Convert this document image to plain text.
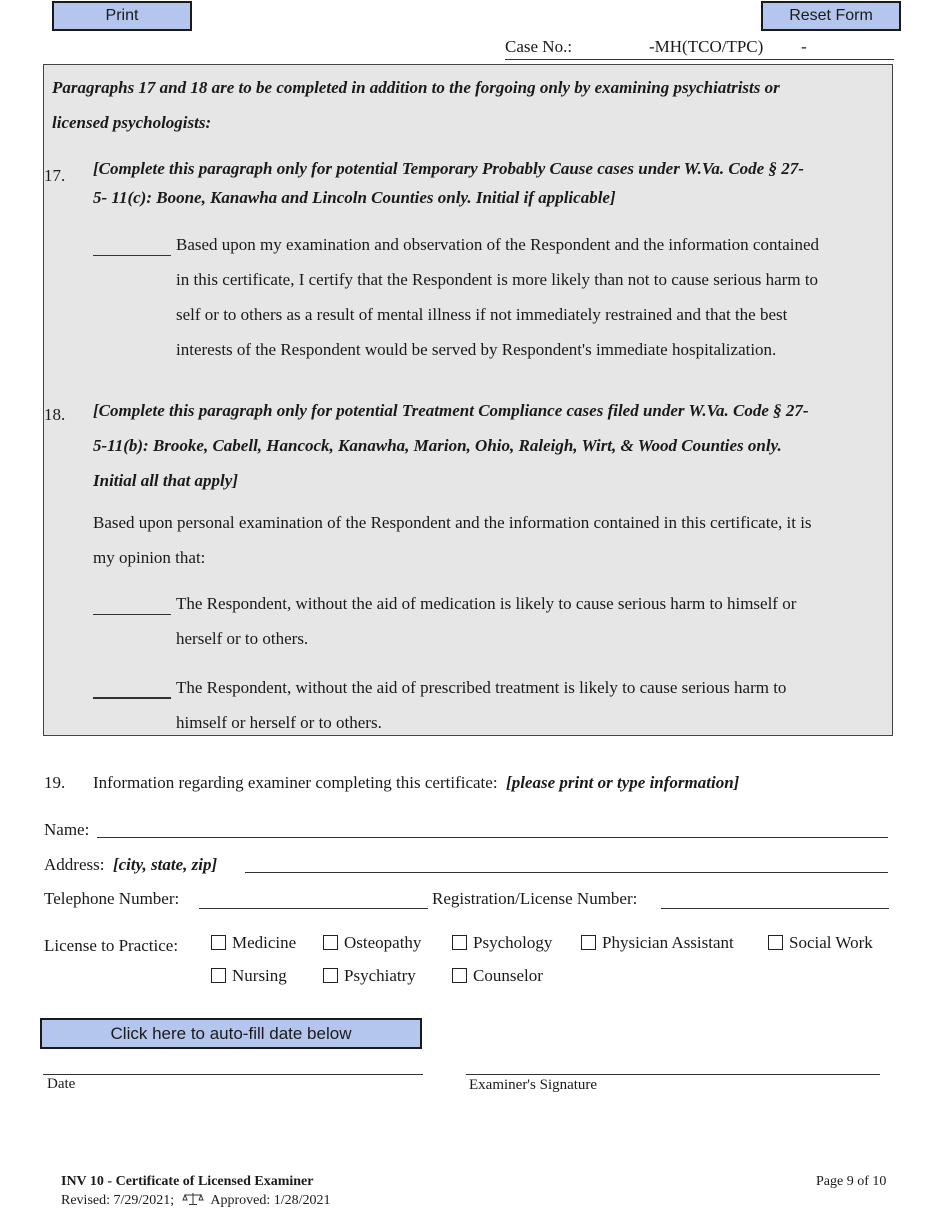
Print	Reset Form
Case No.:	-MH(TCO/TPC) -
Paragraphs 17 and 18 are to be completed in addition to the forgoing only by examining psychiatrists or
licensed psychologists:
17. [Complete this paragraph only for potential Temporary Probably Cause cases under W.Va. Code § 27-
5- 11(c): Boone, Kanawha and Lincoln Counties only. Initial if applicable]
Based upon my examination and observation of the Respondent and the information contained
in this certificate, I certify that the Respondent is more likely than not to cause serious harm to
self or to others as a result of mental illness if not immediately restrained and that the best
interests of the Respondent would be served by Respondent's immediate hospitalization.
18. [Complete this paragraph only for potential Treatment Compliance cases filed under W.Va. Code § 27-
5-11(b): Brooke, Cabell, Hancock, Kanawha, Marion, Ohio, Raleigh, Wirt, & Wood Counties only.
Initial all that apply]
Based upon personal examination of the Respondent and the information contained in this certificate, it is
my opinion that:
The Respondent, without the aid of medication is likely to cause serious harm to himself or
herself or to others.
The Respondent, without the aid of prescribed treatment is likely to cause serious harm to
himself or herself or to others.
19. Information regarding examiner completing this certificate: [please print or type information]
Name:
Address: [city, state, zip]
Telephone Number:	Registration/License Number:
License to Practice:	Medicine	Osteopathy	Psychology	Physician Assistant	Social Work
Nursing	Psychiatry	Counselor
Click here to auto-fill date below
Date	Examiner's Signature
INV 10 - Certificate of Licensed Examiner
Revised: 7/29/2021;	Approved: 1/28/2021
Page 9 of 10
